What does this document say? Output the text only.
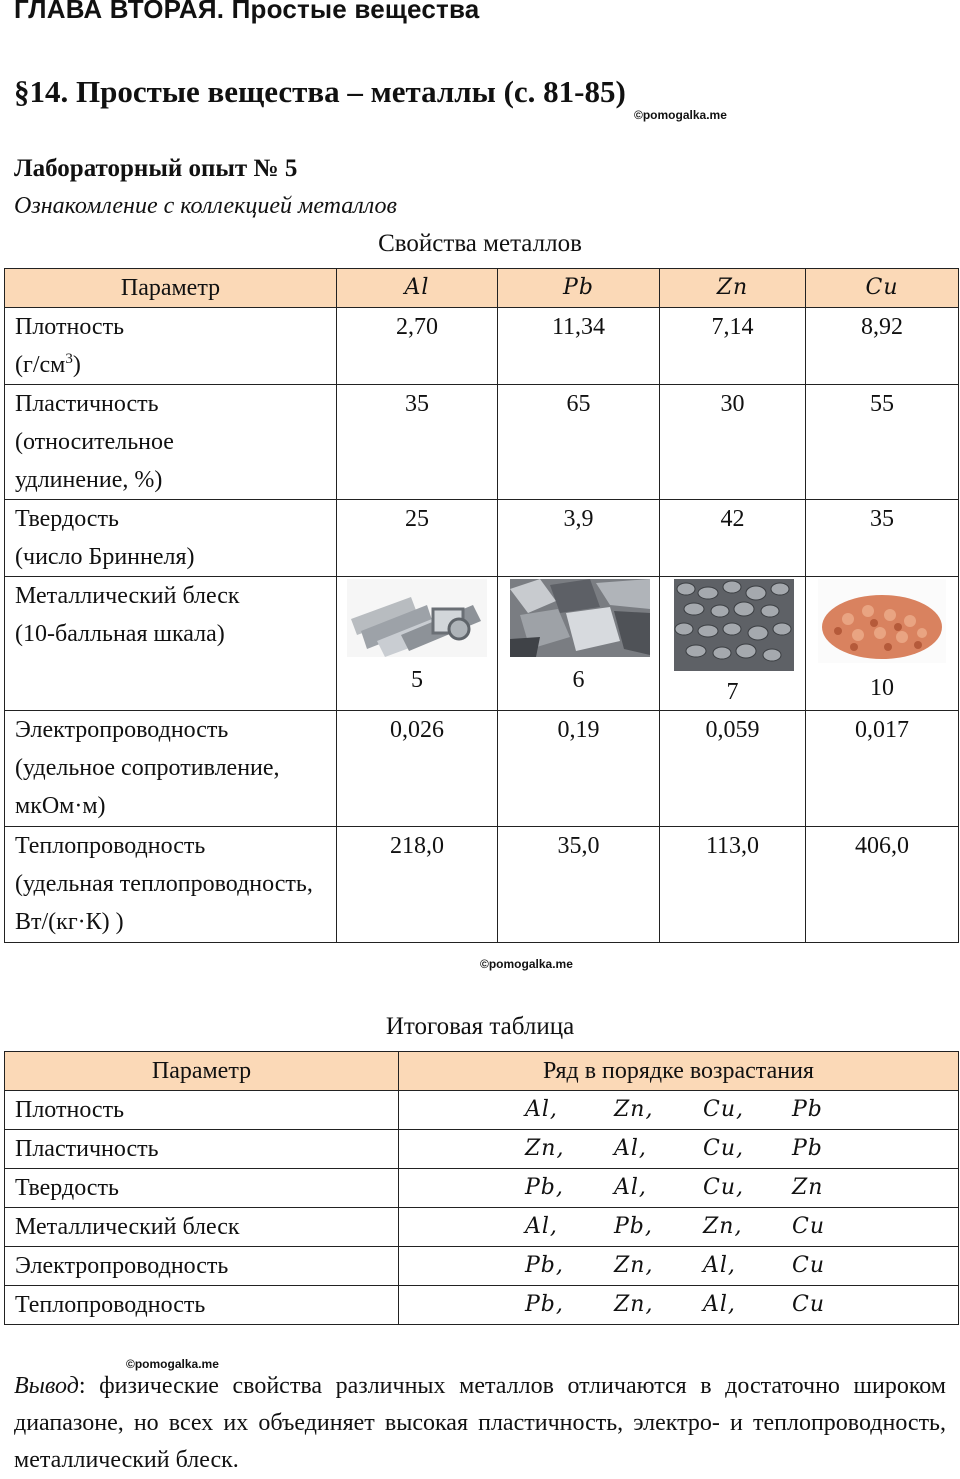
ГЛАВА ВТОРАЯ. Простые вещества
§14. Простые вещества – металлы (с. 81-85)
©pomogalka.me
Лабораторный опыт № 5
Ознакомление с коллекцией металлов
Свойства металлов
Параметр	Al	Pb	Zn	Cu
Плотность
$(г/см^3)$	2,70	11,34	7,14	8,92
Пластичность
(относительное
удлинение, %)	35	65	30	55
Твердость
(число Бриннеля)	25	3,9	42	35
Металлический блеск
(10-балльная шкала)	5	6	7	10

Электропроводность
(удельное сопротивление,
мкОм·м)	0,026	0,19	0,059	0,017
Теплопроводность
(удельная теплопроводность,
Вт/(кг·К) )	218,0	35,0	113,0	406,0
©pomogalka.me
Итоговая таблица
Параметр	Ряд в порядке возрастания
Плотность	Al, Zn, Cu, Pb

Пластичность	Zn, Al, Cu, Pb

Твердость	Pb, Al, Cu, Zn

Металлический блеск	Al, Pb, Zn, Cu

Электропроводность	Pb, Zn, Al, Cu

Теплопроводность	Pb, Zn, Al, Cu
©pomogalka.me
Вывод: физические свойства различных металлов отличаются в достаточно широком диапазоне, но всех их объединяет высокая пластичность, электро- и теплопроводность, металлический блеск.
